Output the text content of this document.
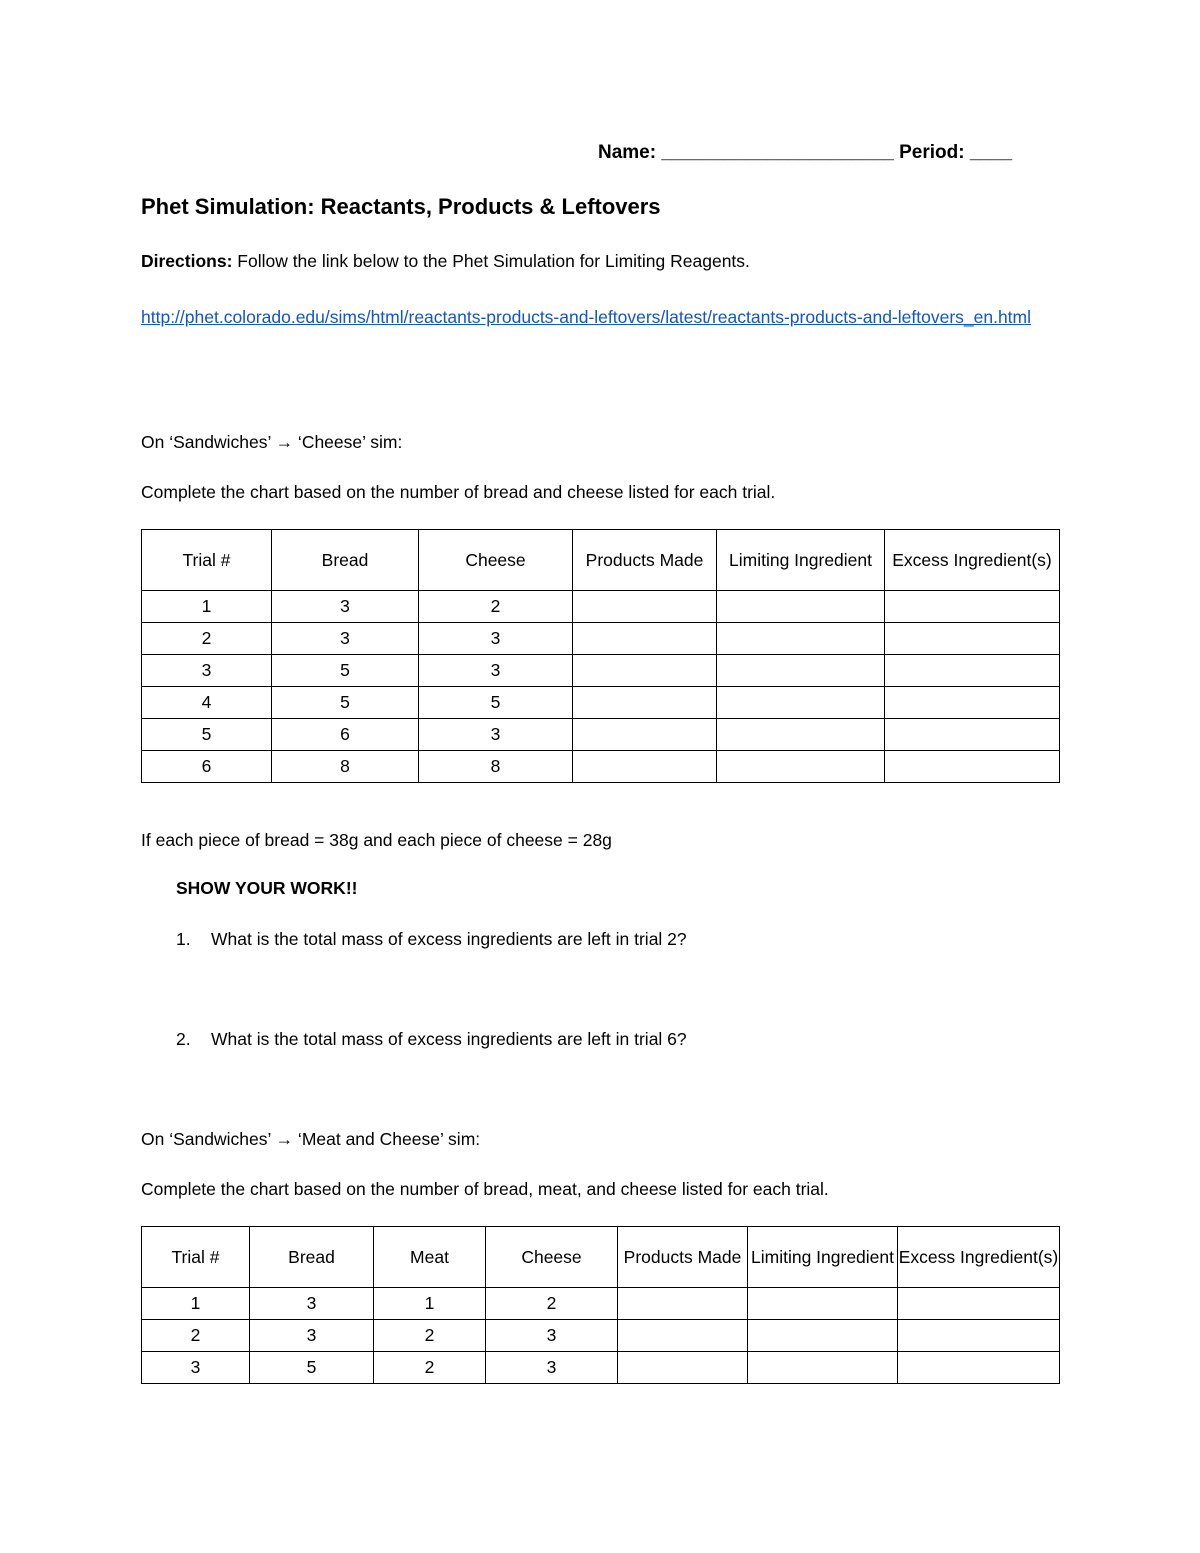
Name: ______________________ Period: ____
Phet Simulation: Reactants, Products & Leftovers
Directions: Follow the link below to the Phet Simulation for Limiting Reagents.
http://phet.colorado.edu/sims/html/reactants-products-and-leftovers/latest/reactants-products-and-leftovers_en.html
On ‘Sandwiches’ → ‘Cheese’ sim:
Complete the chart based on the number of bread and cheese listed for each trial.
Trial #	Bread	Cheese	Products Made	Limiting Ingredient	Excess Ingredient(s)
1	3	2			
2	3	3			
3	5	3			
4	5	5			
5	6	3			
6	8	8			
If each piece of bread = 38g and each piece of cheese = 28g
SHOW YOUR WORK!!
1. What is the total mass of excess ingredients are left in trial 2?
2. What is the total mass of excess ingredients are left in trial 6?
On ‘Sandwiches’ → ‘Meat and Cheese’ sim:
Complete the chart based on the number of bread, meat, and cheese listed for each trial.
Trial #	Bread	Meat	Cheese	Products Made	Limiting Ingredient	Excess Ingredient(s)
1	3	1	2			
2	3	2	3			
3	5	2	3			
